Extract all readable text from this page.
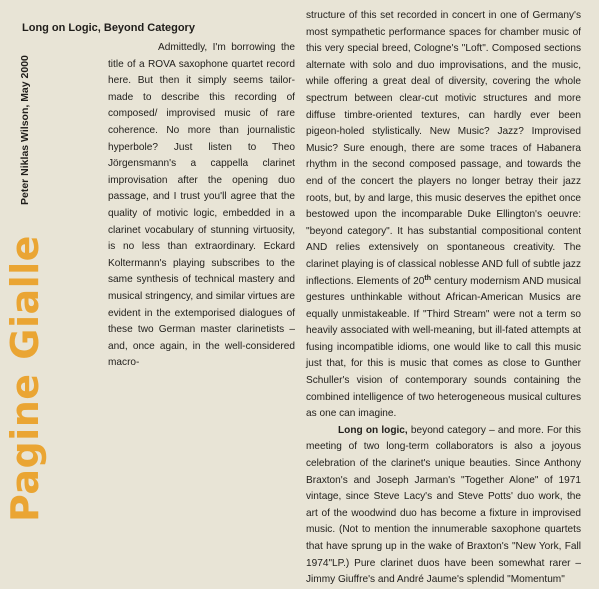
Pagine Gialle
Peter Niklas Wilson, May 2000
Long on Logic, Beyond Category

Admittedly, I'm borrowing the title of a ROVA saxophone quartet record here. But then it simply seems tailor-made to describe this recording of composed/ improvised music of rare coherence. No more than journalistic hyperbole? Just listen to Theo Jörgensmann's a cappella clarinet improvisation after the opening duo passage, and I trust you'll agree that the quality of motivic logic, embedded in a clarinet vocabulary of stunning virtuosity, is no less than extraordinary. Eckard Koltermann's playing subscribes to the same synthesis of technical mastery and musical stringency, and similar virtues are evident in the extemporised dialogues of these two German master clarinetists – and, once again, in the well-considered macro-

structure of this set recorded in concert in one of Germany's most sympathetic performance spaces for chamber music of this very special breed, Cologne's "Loft". Composed sections alternate with solo and duo improvisations, and the music, while offering a great deal of diversity, covering the whole spectrum between clear-cut motivic structures and more diffuse timbre-oriented textures, can hardly ever been pigeon-holed stylistically. New Music? Jazz? Improvised Music? Sure enough, there are some traces of Habanera rhythm in the second composed passage, and towards the end of the concert the players no longer betray their jazz roots, but, by and large, this music deserves the epithet once bestowed upon the incomparable Duke Ellington's oeuvre: "beyond category". It has substantial compositional content AND relies extensively on spontaneous creativity. The clarinet playing is of classical noblesse AND full of subtle jazz inflections. Elements of 20th century modernism AND musical gestures unthinkable without African-American Musics are equally unmistakeable. If "Third Stream" were not a term so heavily associated with well-meaning, but ill-fated attempts at fusing incompatible idioms, one would like to call this music just that, for this is music that comes as close to Gunther Schuller's vision of contemporary sounds containing the combined intelligence of two heterogeneous musical cultures as one can imagine.

Long on logic, beyond category – and more. For this meeting of two long-term collaborators is also a joyous celebration of the clarinet's unique beauties. Since Anthony Braxton's and Joseph Jarman's "Together Alone" of 1971 vintage, since Steve Lacy's and Steve Potts' duo work, the art of the woodwind duo has become a fixture in improvised music. (Not to mention the innumerable saxophone quartets that have sprung up in the wake of Braxton's "New York, Fall 1974"LP.) Pure clarinet duos have been somewhat rarer – Jimmy Giuffre's and André Jaume's splendid "Momentum"
